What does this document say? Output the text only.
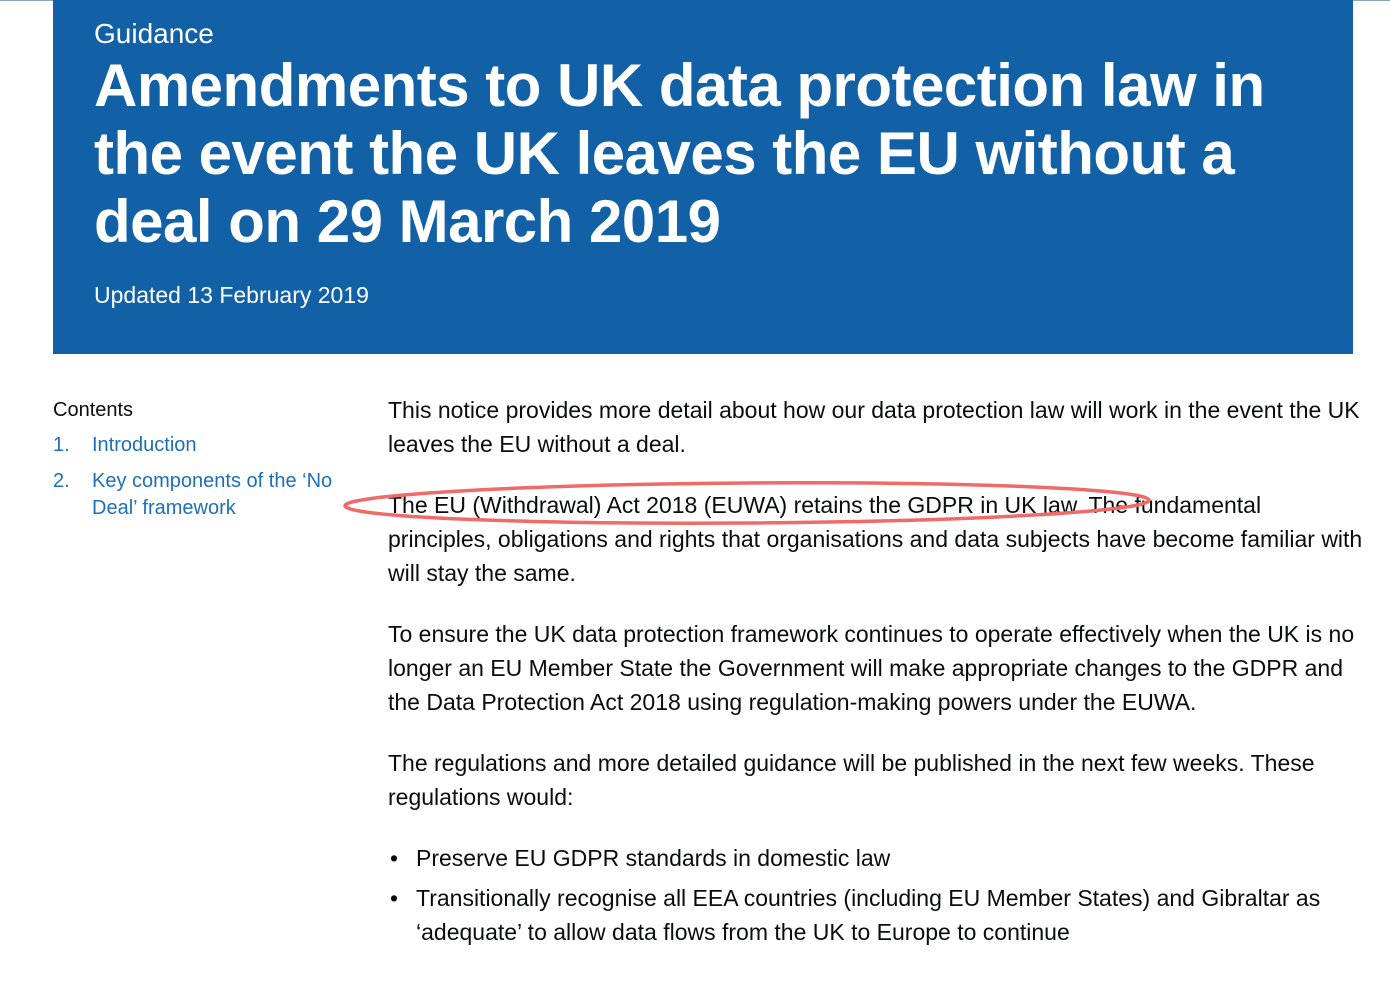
Guidance
Amendments to UK data protection law in the event the UK leaves the EU without a deal on 29 March 2019
Updated 13 February 2019
Contents
1. Introduction
2. Key components of the ‘No Deal’ framework

This notice provides more detail about how our data protection law will work in the event the UK leaves the EU without a deal.

The EU (Withdrawal) Act 2018 (EUWA) retains the GDPR in UK law. The fundamental principles, obligations and rights that organisations and data subjects have become familiar with will stay the same.

To ensure the UK data protection framework continues to operate effectively when the UK is no longer an EU Member State the Government will make appropriate changes to the GDPR and the Data Protection Act 2018 using regulation-making powers under the EUWA.

The regulations and more detailed guidance will be published in the next few weeks. These regulations would:

• Preserve EU GDPR standards in domestic law
• Transitionally recognise all EEA countries (including EU Member States) and Gibraltar as ‘adequate’ to allow data flows from the UK to Europe to continue
